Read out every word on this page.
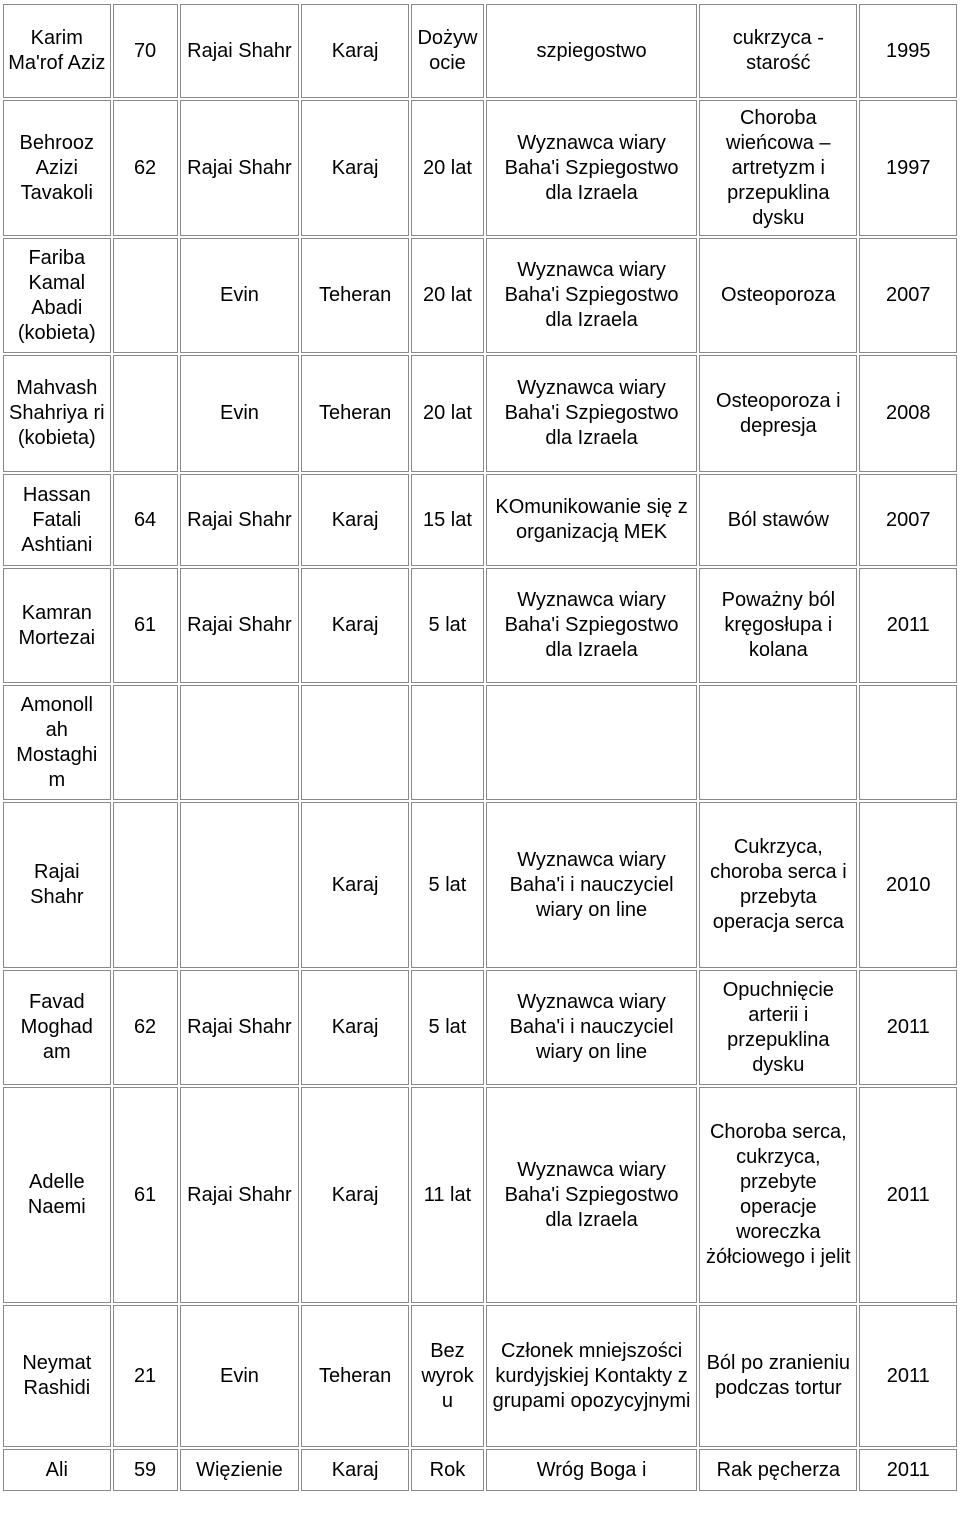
Karim Ma'rof Aziz	70	Rajai Shahr	Karaj	Dożyw ocie	szpiegostwo	cukrzyca - starość	1995
Behrooz Azizi Tavakoli	62	Rajai Shahr	Karaj	20 lat	Wyznawca wiary Baha'i Szpiegostwo dla Izraela	Choroba wieńcowa – artretyzm i przepuklina dysku	1997
Fariba Kamal Abadi (kobieta)		Evin	Teheran	20 lat	Wyznawca wiary Baha'i Szpiegostwo dla Izraela	Osteoporoza	2007
Mahvash Shahriya ri (kobieta)		Evin	Teheran	20 lat	Wyznawca wiary Baha'i Szpiegostwo dla Izraela	Osteoporoza i depresja	2008
Hassan Fatali Ashtiani	64	Rajai Shahr	Karaj	15 lat	KOmunikowanie się z organizacją MEK	Ból stawów	2007
Kamran Mortezai	61	Rajai Shahr	Karaj	5 lat	Wyznawca wiary Baha'i Szpiegostwo dla Izraela	Poważny ból kręgosłupa i kolana	2011
Amonoll ah Mostaghi m							
Rajai Shahr			Karaj	5 lat	Wyznawca wiary Baha'i i nauczyciel wiary on line	Cukrzyca, choroba serca i przebyta operacja serca	2010
Favad Moghad am	62	Rajai Shahr	Karaj	5 lat	Wyznawca wiary Baha'i i nauczyciel wiary on line	Opuchnięcie arterii i przepuklina dysku	2011
Adelle Naemi	61	Rajai Shahr	Karaj	11 lat	Wyznawca wiary Baha'i Szpiegostwo dla Izraela	Choroba serca, cukrzyca, przebyte operacje woreczka żółciowego i jelit	2011
Neymat Rashidi	21	Evin	Teheran	Bez wyroku	Członek mniejszości kurdyjskiej Kontakty z grupami opozycyjnymi	Ból po zranieniu podczas tortur	2011
Ali	59	Więzienie	Karaj	Rok	Wróg Boga i	Rak pęcherza	2011
